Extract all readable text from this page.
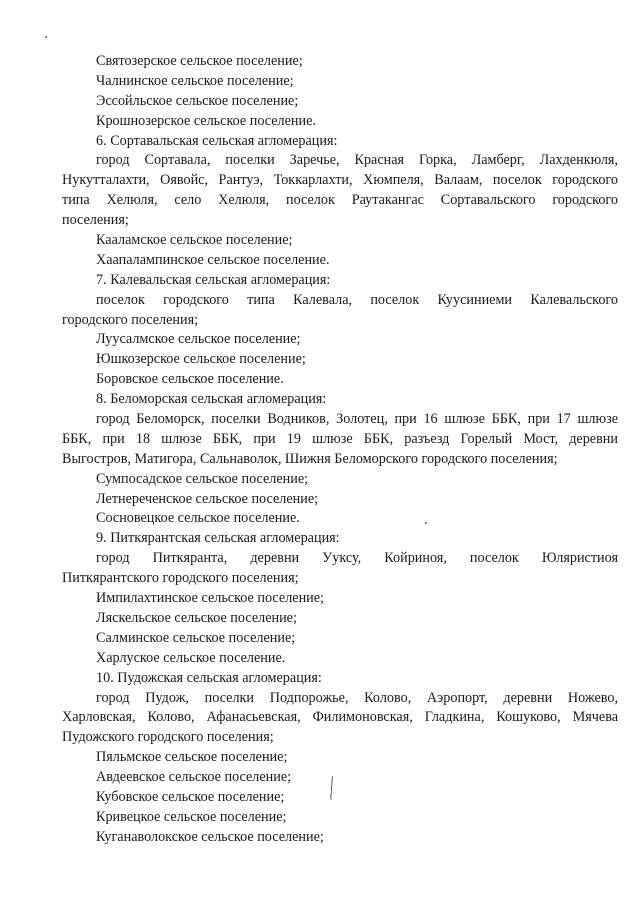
Святозерское сельское поселение;
Чалнинское сельское поселение;
Эссойльское сельское поселение;
Крошнозерское сельское поселение.
6. Сортавальская сельская агломерация:
город Сортавала, поселки Заречье, Красная Горка, Ламберг, Лахденкюля,
Нукутталахти, Оявойс, Рантуэ, Токкарлахти, Хюмпеля, Валаам, поселок городского
типа Хелюля, село Хелюля, поселок Раутакангас Сортавальского городского
поселения;
Кааламское сельское поселение;
Хаапалампинское сельское поселение.
7. Калевальская сельская агломерация:
поселок городского типа Калевала, поселок Куусиниеми Калевальского
городского поселения;
Луусалмское сельское поселение;
Юшкозерское сельское поселение;
Боровское сельское поселение.
8. Беломорская сельская агломерация:
город Беломорск, поселки Водников, Золотец, при 16 шлюзе ББК, при 17 шлюзе
ББК, при 18 шлюзе ББК, при 19 шлюзе ББК, разъезд Горелый Мост, деревни
Выгостров, Матигора, Сальнаволок, Шижня Беломорского городского поселения;
Сумпосадское сельское поселение;
Летнереченское сельское поселение;
Сосновецкое сельское поселение.
9. Питкярантская сельская агломерация:
город Питкяранта, деревни Ууксу, Койриноя, поселок Юляристиоя
Питкярантского городского поселения;
Импилахтинское сельское поселение;
Ляскельское сельское поселение;
Салминское сельское поселение;
Харлуское сельское поселение.
10. Пудожская сельская агломерация:
город Пудож, поселки Подпорожье, Колово, Аэропорт, деревни Ножево,
Харловская, Колово, Афанасьевская, Филимоновская, Гладкина, Кошуково, Мячева
Пудожского городского поселения;
Пяльмское сельское поселение;
Авдеевское сельское поселение;
Кубовское сельское поселение;
Кривецкое сельское поселение;
Куганаволокское сельское поселение;
